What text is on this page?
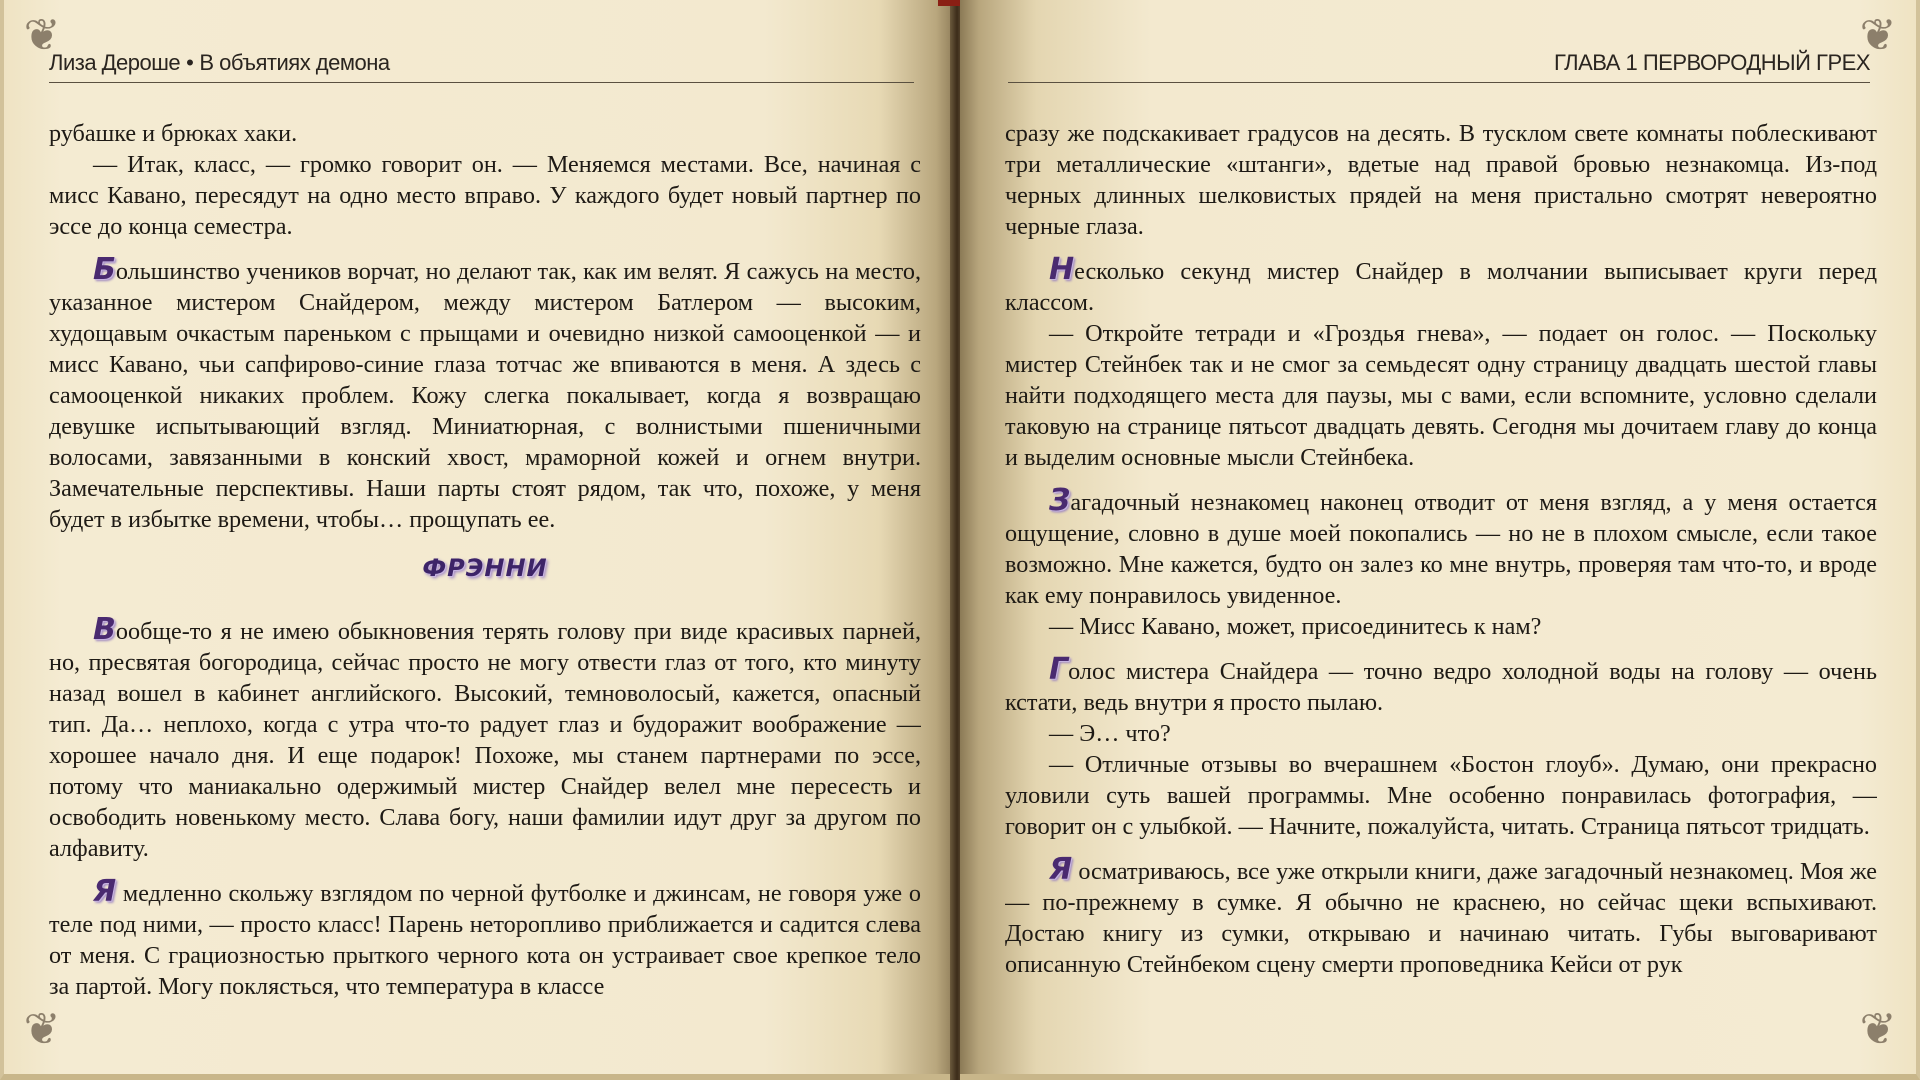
❦
❦
Лиза Дероше • В объятиях демона

рубашке и брюках хаки.

— Итак, класс, — громко говорит он. — Меняемся местами. Все, начиная с мисс Кавано, пересядут на одно место вправо. У каждого будет новый партнер по эссе до конца семестра.

Большинство учеников ворчат, но делают так, как им велят. Я сажусь на место, указанное мистером Снайдером, между мистером Батлером — высоким, худощавым очкастым пареньком с прыщами и очевидно низкой самооценкой — и мисс Кавано, чьи сапфирово-синие глаза тотчас же впиваются в меня. А здесь с самооценкой никаких проблем. Кожу слегка покалывает, когда я возвращаю девушке испытывающий взгляд. Миниатюрная, с волнистыми пшеничными волосами, завязанными в конский хвост, мраморной кожей и огнем внутри. Замечательные перспективы. Наши парты стоят рядом, так что, похоже, у меня будет в избытке времени, чтобы… прощупать ее.

ФРЭННИ

Вообще-то я не имею обыкновения терять голову при виде красивых парней, но, пресвятая богородица, сейчас просто не могу отвести глаз от того, кто минуту назад вошел в кабинет английского. Высокий, темноволосый, кажется, опасный тип. Да… неплохо, когда с утра что-то радует глаз и будоражит воображение — хорошее начало дня. И еще подарок! Похоже, мы станем партнерами по эссе, потому что маниакально одержимый мистер Снайдер велел мне пересесть и освободить новенькому место. Слава богу, наши фамилии идут друг за другом по алфавиту.

Я медленно скольжу взглядом по черной футболке и джинсам, не говоря уже о теле под ними, — просто класс! Парень неторопливо приближается и садится слева от меня. С грациозностью прыткого черного кота он устраивает свое крепкое тело за партой. Могу поклясться, что температура в классе

❦
❦
ГЛАВА 1 ПЕРВОРОДНЫЙ ГРЕХ

сразу же подскакивает градусов на десять. В тусклом свете комнаты поблескивают три металлические «штанги», вдетые над правой бровью незнакомца. Из-под черных длинных шелковистых прядей на меня пристально смотрят невероятно черные глаза.

Несколько секунд мистер Снайдер в молчании выписывает круги перед классом.

— Откройте тетради и «Гроздья гнева», — подает он голос. — Поскольку мистер Стейнбек так и не смог за семьдесят одну страницу двадцать шестой главы найти подходящего места для паузы, мы с вами, если вспомните, условно сделали таковую на странице пятьсот двадцать девять. Сегодня мы дочитаем главу до конца и выделим основные мысли Стейнбека.

Загадочный незнакомец наконец отводит от меня взгляд, а у меня остается ощущение, словно в душе моей покопались — но не в плохом смысле, если такое возможно. Мне кажется, будто он залез ко мне внутрь, проверяя там что-то, и вроде как ему понравилось увиденное.

— Мисс Кавано, может, присоединитесь к нам?

Голос мистера Снайдера — точно ведро холодной воды на голову — очень кстати, ведь внутри я просто пылаю.

— Э… что?

— Отличные отзывы во вчерашнем «Бостон глоуб». Думаю, они прекрасно уловили суть вашей программы. Мне особенно понравилась фотография, — говорит он с улыбкой. — Начните, пожалуйста, читать. Страница пятьсот тридцать.

Я осматриваюсь, все уже открыли книги, даже загадочный незнакомец. Моя же — по-прежнему в сумке. Я обычно не краснею, но сейчас щеки вспыхивают. Достаю книгу из сумки, открываю и начинаю читать. Губы выговаривают описанную Стейнбеком сцену смерти проповедника Кейси от рук
